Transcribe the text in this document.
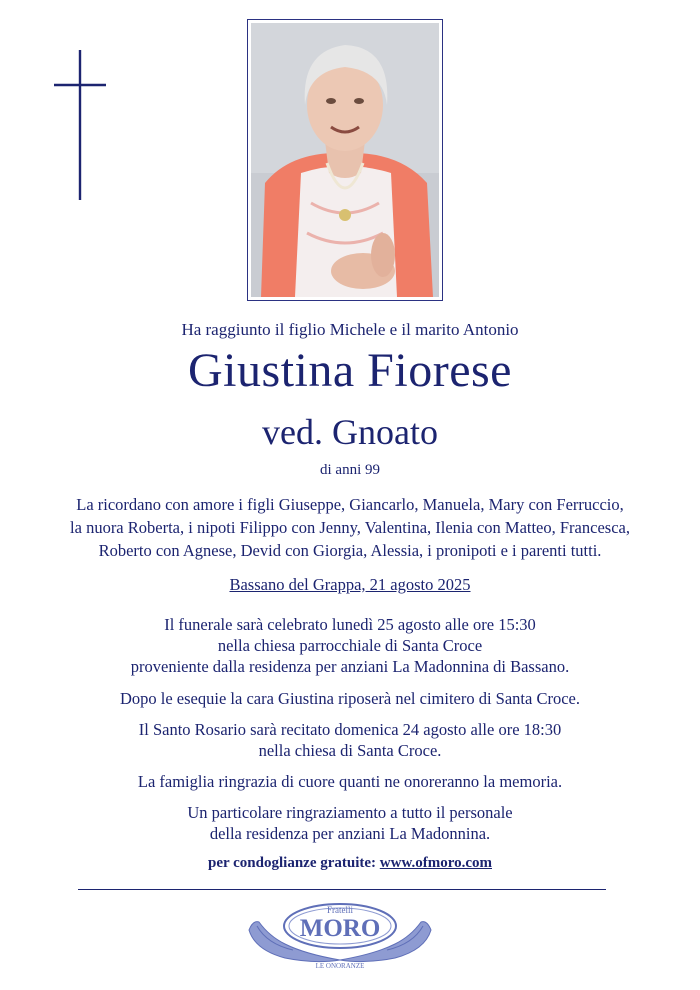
Ha raggiunto il figlio Michele e il marito Antonio
Giustina Fiorese
ved. Gnoato
di anni 99
La ricordano con amore i figli Giuseppe, Giancarlo, Manuela, Mary con Ferruccio,
la nuora Roberta, i nipoti Filippo con Jenny, Valentina, Ilenia con Matteo, Francesca,
Roberto con Agnese, Devid con Giorgia, Alessia, i pronipoti e i parenti tutti.
Bassano del Grappa, 21 agosto 2025
Il funerale sarà celebrato lunedì 25 agosto alle ore 15:30
nella chiesa parrocchiale di Santa Croce
proveniente dalla residenza per anziani La Madonnina di Bassano.
Dopo le esequie la cara Giustina riposerà nel cimitero di Santa Croce.
Il Santo Rosario sarà recitato domenica 24 agosto alle ore 18:30
nella chiesa di Santa Croce.
La famiglia ringrazia di cuore quanti ne onoreranno la memoria.
Un particolare ringraziamento a tutto il personale
della residenza per anziani La Madonnina.
per condoglianze gratuite: www.ofmoro.com
Fratelli
MORO
LE ONORANZE
